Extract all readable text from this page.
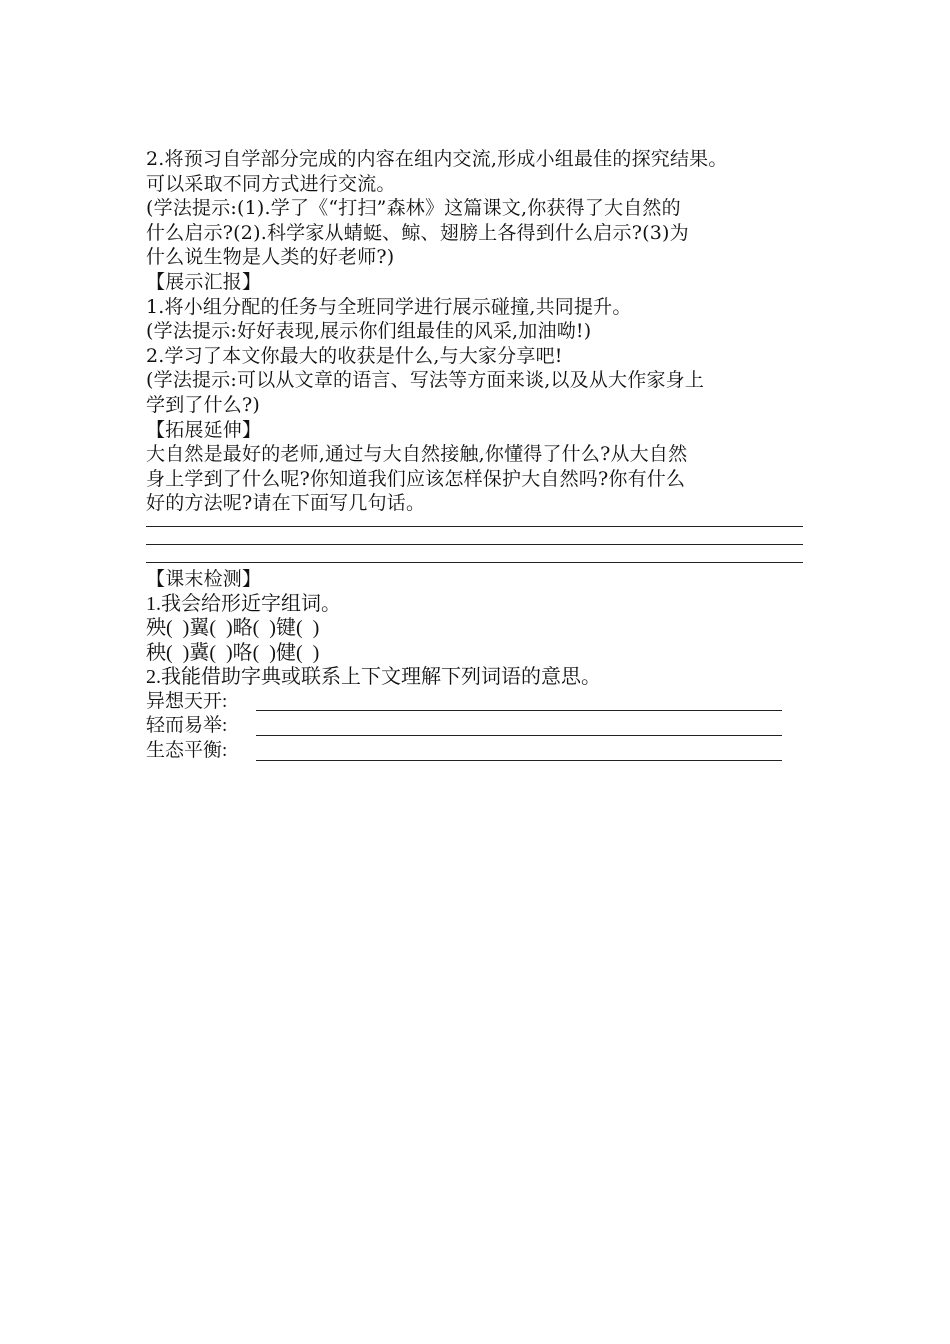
2.将预习自学部分完成的内容在组内交流,形成小组最佳的探究结果。
可以采取不同方式进行交流。
(学法提示:(1).学了《“打扫”森林》这篇课文,你获得了大自然的
什么启示?(2).科学家从蜻蜓、鲸、翅膀上各得到什么启示?(3)为
什么说生物是人类的好老师?)
【展示汇报】
1.将小组分配的任务与全班同学进行展示碰撞,共同提升。
(学法提示:好好表现,展示你们组最佳的风采,加油呦!)
2.学习了本文你最大的收获是什么,与大家分享吧!
(学法提示:可以从文章的语言、写法等方面来谈,以及从大作家身上
学到了什么?)
【拓展延伸】
大自然是最好的老师,通过与大自然接触,你懂得了什么?从大自然
身上学到了什么呢?你知道我们应该怎样保护大自然吗?你有什么
好的方法呢?请在下面写几句话。
【课末检测】
1.我会给形近字组词。
殃(  )翼(  )略(  )键(  )
秧(  )冀(  )咯(  )健(  )
2.我能借助字典或联系上下文理解下列词语的意思。
异想天开:
轻而易举:
生态平衡:
